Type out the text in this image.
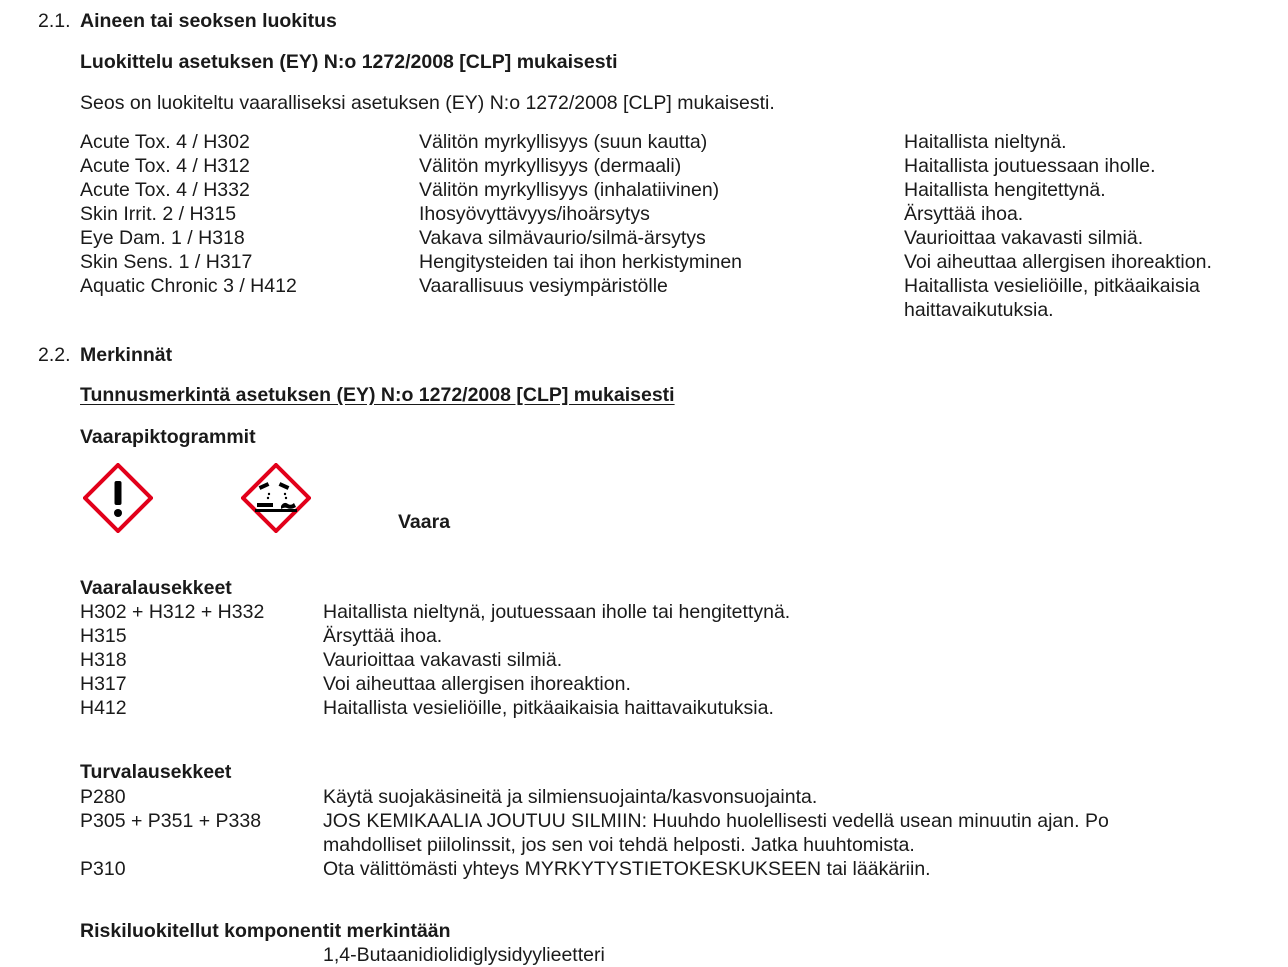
2.1. Aineen tai seoksen luokitus
Luokittelu asetuksen (EY) N:o 1272/2008 [CLP] mukaisesti
Seos on luokiteltu vaaralliseksi asetuksen (EY) N:o 1272/2008 [CLP] mukaisesti.
Acute Tox. 4 / H302	Välitön myrkyllisyys (suun kautta)	Haitallista nieltynä.
Acute Tox. 4 / H312	Välitön myrkyllisyys (dermaali)	Haitallista joutuessaan iholle.
Acute Tox. 4 / H332	Välitön myrkyllisyys (inhalatiivinen)	Haitallista hengitettynä.
Skin Irrit. 2 / H315	Ihosyövyttävyys/ihoärsytys	Ärsyttää ihoa.
Eye Dam. 1 / H318	Vakava silmävaurio/silmä-ärsytys	Vaurioittaa vakavasti silmiä.
Skin Sens. 1 / H317	Hengitysteiden tai ihon herkistyminen	Voi aiheuttaa allergisen ihoreaktion.
Aquatic Chronic 3 / H412	Vaarallisuus vesiympäristölle	Haitallista vesieliöille, pitkäaikaisia
haittavaikutuksia.
2.2. Merkinnät
Tunnusmerkintä asetuksen (EY) N:o 1272/2008 [CLP] mukaisesti
Vaarapiktogrammit
Vaara
Vaaralausekkeet
H302 + H312 + H332	Haitallista nieltynä, joutuessaan iholle tai hengitettynä.
H315	Ärsyttää ihoa.
H318	Vaurioittaa vakavasti silmiä.
H317	Voi aiheuttaa allergisen ihoreaktion.
H412	Haitallista vesieliöille, pitkäaikaisia haittavaikutuksia.
Turvalausekkeet
P280	Käytä suojakäsineitä ja silmiensuojainta/kasvonsuojainta.
P305 + P351 + P338	JOS KEMIKAALIA JOUTUU SILMIIN: Huuhdo huolellisesti vedellä usean minuutin ajan. Po
mahdolliset piilolinssit, jos sen voi tehdä helposti. Jatka huuhtomista.
P310	Ota välittömästi yhteys MYRKYTYSTIETOKESKUKSEEN tai lääkäriin.
Riskiluokitellut komponentit merkintään
1,4-Butaanidiolidiglysidyylieetteri
